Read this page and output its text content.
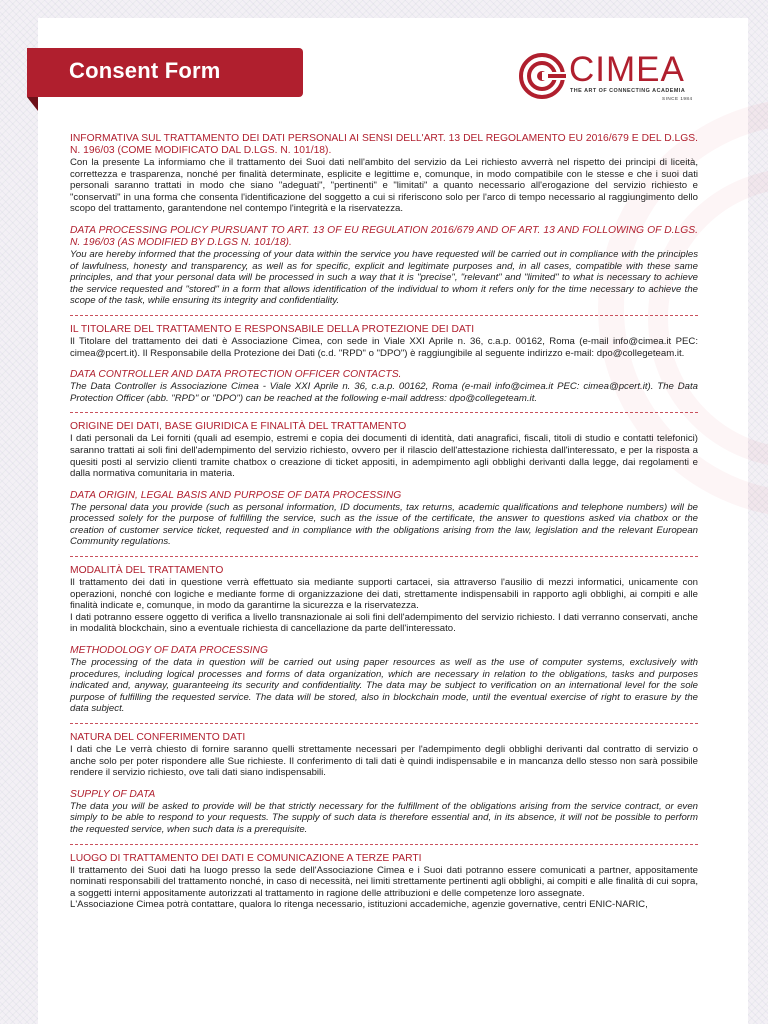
Consent Form	CIMEA
THE ART OF CONNECTING ACADEMIA
SINCE 1984

INFORMATIVA SUL TRATTAMENTO DEI DATI PERSONALI AI SENSI DELL'ART. 13 DEL REGOLAMENTO EU 2016/679 E DEL D.LGS. N. 196/03 (COME MODIFICATO DAL D.LGS. N. 101/18).

Con la presente La informiamo che il trattamento dei Suoi dati nell'ambito del servizio da Lei richiesto avverrà nel rispetto dei principi di liceità, correttezza e trasparenza, nonché per finalità determinate, esplicite e legittime e, comunque, in modo compatibile con le stesse e che i suoi dati personali saranno trattati in modo che siano "adeguati", "pertinenti" e "limitati" a quanto necessario all'erogazione del servizio richiesto e "conservati" in una forma che consenta l'identificazione del soggetto a cui si riferiscono solo per l'arco di tempo necessario al raggiungimento dello scopo del trattamento, garantendone nel contempo l'integrità e la riservatezza.

DATA PROCESSING POLICY PURSUANT TO ART. 13 OF EU REGULATION 2016/679 AND OF ART. 13 AND FOLLOWING OF D.LGS. N. 196/03 (AS MODIFIED BY D.LGS N. 101/18).

You are hereby informed that the processing of your data within the service you have requested will be carried out in compliance with the principles of lawfulness, honesty and transparency, as well as for specific, explicit and legitimate purposes and, in all cases, compatible with these same principles, and that your personal data will be processed in such a way that it is "precise", "relevant" and "limited" to what is necessary to achieve the service requested and "stored" in a form that allows identification of the individual to whom it refers only for the time necessary to achieve the scope of the task, while ensuring its integrity and confidentiality.

IL TITOLARE DEL TRATTAMENTO E RESPONSABILE DELLA PROTEZIONE DEI DATI

Il Titolare del trattamento dei dati è Associazione Cimea, con sede in Viale XXI Aprile n. 36, c.a.p. 00162, Roma (e-mail info@cimea.it PEC: cimea@pcert.it). Il Responsabile della Protezione dei Dati (c.d. "RPD" o "DPO") è raggiungibile al seguente indirizzo e-mail: dpo@collegeteam.it.

DATA CONTROLLER AND DATA PROTECTION OFFICER CONTACTS.

The Data Controller is Associazione Cimea - Viale XXI Aprile n. 36, c.a.p. 00162, Roma (e-mail info@cimea.it PEC: cimea@pcert.it). The Data Protection Officer (abb. "RPD" or "DPO") can be reached at the following e-mail address: dpo@collegeteam.it.

ORIGINE DEI DATI, BASE GIURIDICA E FINALITÀ DEL TRATTAMENTO

I dati personali da Lei forniti (quali ad esempio, estremi e copia dei documenti di identità, dati anagrafici, fiscali, titoli di studio e contatti telefonici) saranno trattati ai soli fini dell'adempimento del servizio richiesto, ovvero per il rilascio dell'attestazione richiesta dall'interessato, e per la risposta a quesiti posti al servizio clienti tramite chatbox o creazione di ticket appositi, in adempimento agli obblighi derivanti dalla legge, dai regolamenti e dalla normativa comunitaria in materia.

DATA ORIGIN, LEGAL BASIS AND PURPOSE OF DATA PROCESSING

The personal data you provide (such as personal information, ID documents, tax returns, academic qualifications and telephone numbers) will be processed solely for the purpose of fulfilling the service, such as the issue of the certificate, the answer to questions asked via chatbox or the creation of customer service ticket, requested and in compliance with the obligations arising from the law, legislation and the relevant European Community regulations.

MODALITÀ DEL TRATTAMENTO

Il trattamento dei dati in questione verrà effettuato sia mediante supporti cartacei, sia attraverso l'ausilio di mezzi informatici, unicamente con operazioni, nonché con logiche e mediante forme di organizzazione dei dati, strettamente indispensabili in rapporto agli obblighi, ai compiti e alle finalità indicate e, comunque, in modo da garantirne la sicurezza e la riservatezza.

I dati potranno essere oggetto di verifica a livello transnazionale ai soli fini dell'adempimento del servizio richiesto. I dati verranno conservati, anche in modalità blockchain, sino a eventuale richiesta di cancellazione da parte dell'interessato.

METHODOLOGY OF DATA PROCESSING

The processing of the data in question will be carried out using paper resources as well as the use of computer systems, exclusively with procedures, including logical processes and forms of data organization, which are necessary in relation to the obligations, tasks and purposes indicated and, anyway, guaranteeing its security and confidentiality. The data may be subject to verification on an international level for the sole purpose of fulfilling the requested service. The data will be stored, also in blockchain mode, until the eventual exercise of right to erasure by the data subject.

NATURA DEL CONFERIMENTO DATI

I dati che Le verrà chiesto di fornire saranno quelli strettamente necessari per l'adempimento degli obblighi derivanti dal contratto di servizio o anche solo per poter rispondere alle Sue richieste. Il conferimento di tali dati è quindi indispensabile e in mancanza dello stesso non sarà possibile rendere il servizio richiesto, ove tali dati siano indispensabili.

SUPPLY OF DATA

The data you will be asked to provide will be that strictly necessary for the fulfillment of the obligations arising from the service contract, or even simply to be able to respond to your requests. The supply of such data is therefore essential and, in its absence, it will not be possible to perform the requested service, when such data is a prerequisite.

LUOGO DI TRATTAMENTO DEI DATI E COMUNICAZIONE A TERZE PARTI

Il trattamento dei Suoi dati ha luogo presso la sede dell'Associazione Cimea e i Suoi dati potranno essere comunicati a partner, appositamente nominati responsabili del trattamento nonché, in caso di necessità, nei limiti strettamente pertinenti agli obblighi, ai compiti e alle finalità di cui sopra, a soggetti interni appositamente autorizzati al trattamento in ragione delle attribuzioni e delle competenze loro assegnate.

L'Associazione Cimea potrà contattare, qualora lo ritenga necessario, istituzioni accademiche, agenzie governative, centri ENIC-NARIC,
